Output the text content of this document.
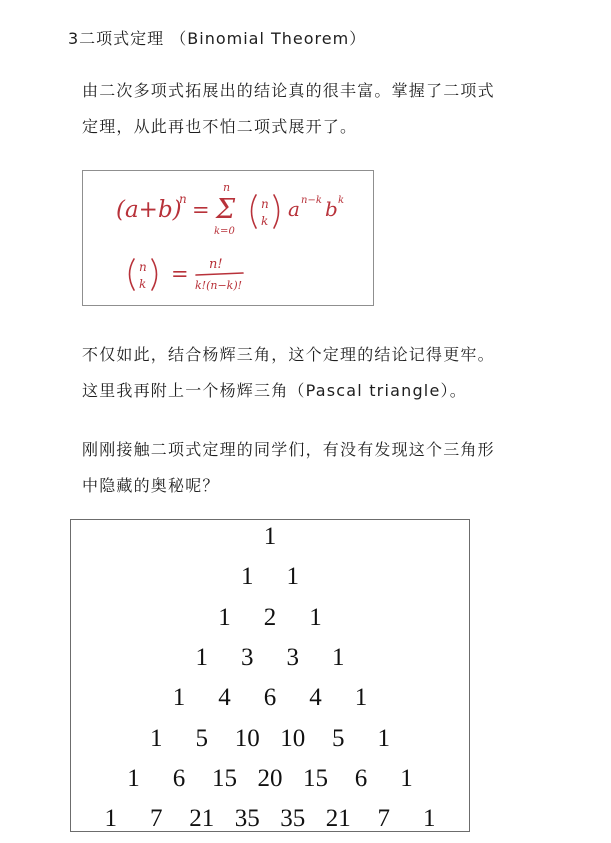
3二项式定理 （Binomial Theorem）
由二次多项式拓展出的结论真的很丰富。掌握了二项式
定理，从此再也不怕二项式展开了。
(a+b)
n =
n
Σ
k=0
n
k a n−k b k
n
k = n!
k!(n−k)!
不仅如此，结合杨辉三角，这个定理的结论记得更牢。
这里我再附上一个杨辉三角（Pascal triangle）。
刚刚接触二项式定理的同学们，有没有发现这个三角形
中隐藏的奥秘呢？
1
1	1
1	2	1
1	3	3	1
1	4	6	4	1
1	5	10 10	5	1
1	6	15 20 15	6	1
1	7	21 35 35 21	7	1
